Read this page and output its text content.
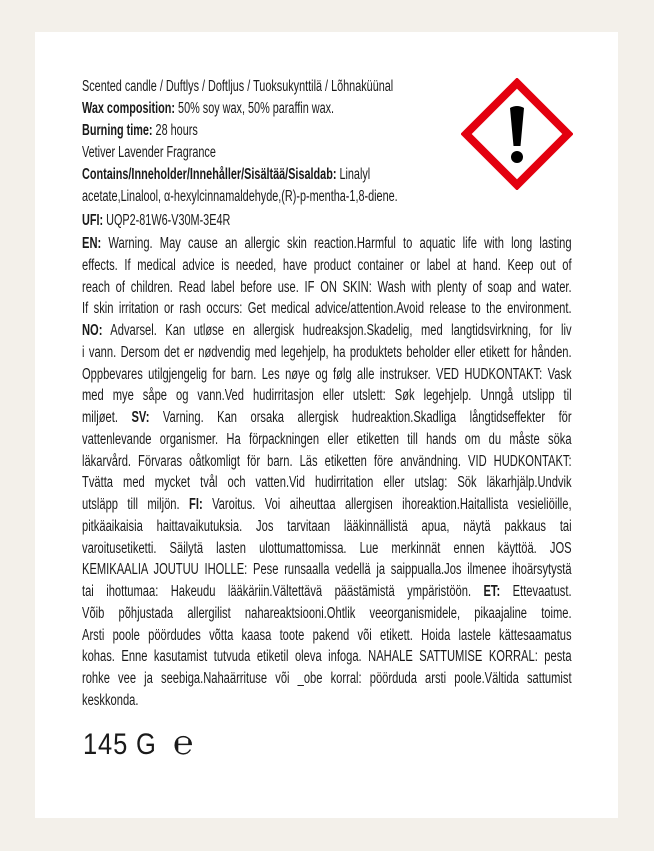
Scented candle / Duftlys / Doftljus / Tuoksukynttilä / Lõhnaküünal
Wax composition: 50% soy wax, 50% paraffin wax.
Burning time: 28 hours
Vetiver Lavender Fragrance
Contains/Inneholder/Innehåller/Sisältää/Sisaldab: Linalyl
acetate,Linalool, α-hexylcinnamaldehyde,(R)-p-mentha-1,8-diene.
UFI: UQP2-81W6-V30M-3E4R
EN: Warning. May cause an allergic skin reaction.Harmful to aquatic life with long lasting
effects. If medical advice is needed, have product container or label at hand. Keep out of
reach of children. Read label before use. IF ON SKIN: Wash with plenty of soap and water.
If skin irritation or rash occurs: Get medical advice/attention.Avoid release to the environment.
NO: Advarsel. Kan utløse en allergisk hudreaksjon.Skadelig, med langtidsvirkning, for liv
i vann. Dersom det er nødvendig med legehjelp, ha produktets beholder eller etikett for hånden.
Oppbevares utilgjengelig for barn. Les nøye og følg alle instrukser. VED HUDKONTAKT: Vask
med mye såpe og vann.Ved hudirritasjon eller utslett: Søk legehjelp. Unngå utslipp til
miljøet. SV: Varning. Kan orsaka allergisk hudreaktion.Skadliga långtidseffekter för
vattenlevande organismer. Ha förpackningen eller etiketten till hands om du måste söka
läkarvård. Förvaras oåtkomligt för barn. Läs etiketten före användning. VID HUDKONTAKT:
Tvätta med mycket tvål och vatten.Vid hudirritation eller utslag: Sök läkarhjälp.Undvik
utsläpp till miljön. FI: Varoitus. Voi aiheuttaa allergisen ihoreaktion.Haitallista vesieliöille,
pitkäaikaisia haittavaikutuksia. Jos tarvitaan lääkinnällistä apua, näytä pakkaus tai
varoitusetiketti. Säilytä lasten ulottumattomissa. Lue merkinnät ennen käyttöä. JOS
KEMIKAALIA JOUTUU IHOLLE: Pese runsaalla vedellä ja saippualla.Jos ilmenee ihoärsytystä
tai ihottumaa: Hakeudu lääkäriin.Vältettävä päästämistä ympäristöön. ET: Ettevaatust.
Võib põhjustada allergilist nahareaktsiooni.Ohtlik veeorganismidele, pikaajaline toime.
Arsti poole pöördudes võtta kaasa toote pakend või etikett. Hoida lastele kättesaamatus
kohas. Enne kasutamist tutvuda etiketil oleva infoga. NAHALE SATTUMISE KORRAL: pesta
rohke vee ja seebiga.Nahaärrituse või _obe korral: pöörduda arsti poole.Vältida sattumist
keskkonda.
145 G ℮
